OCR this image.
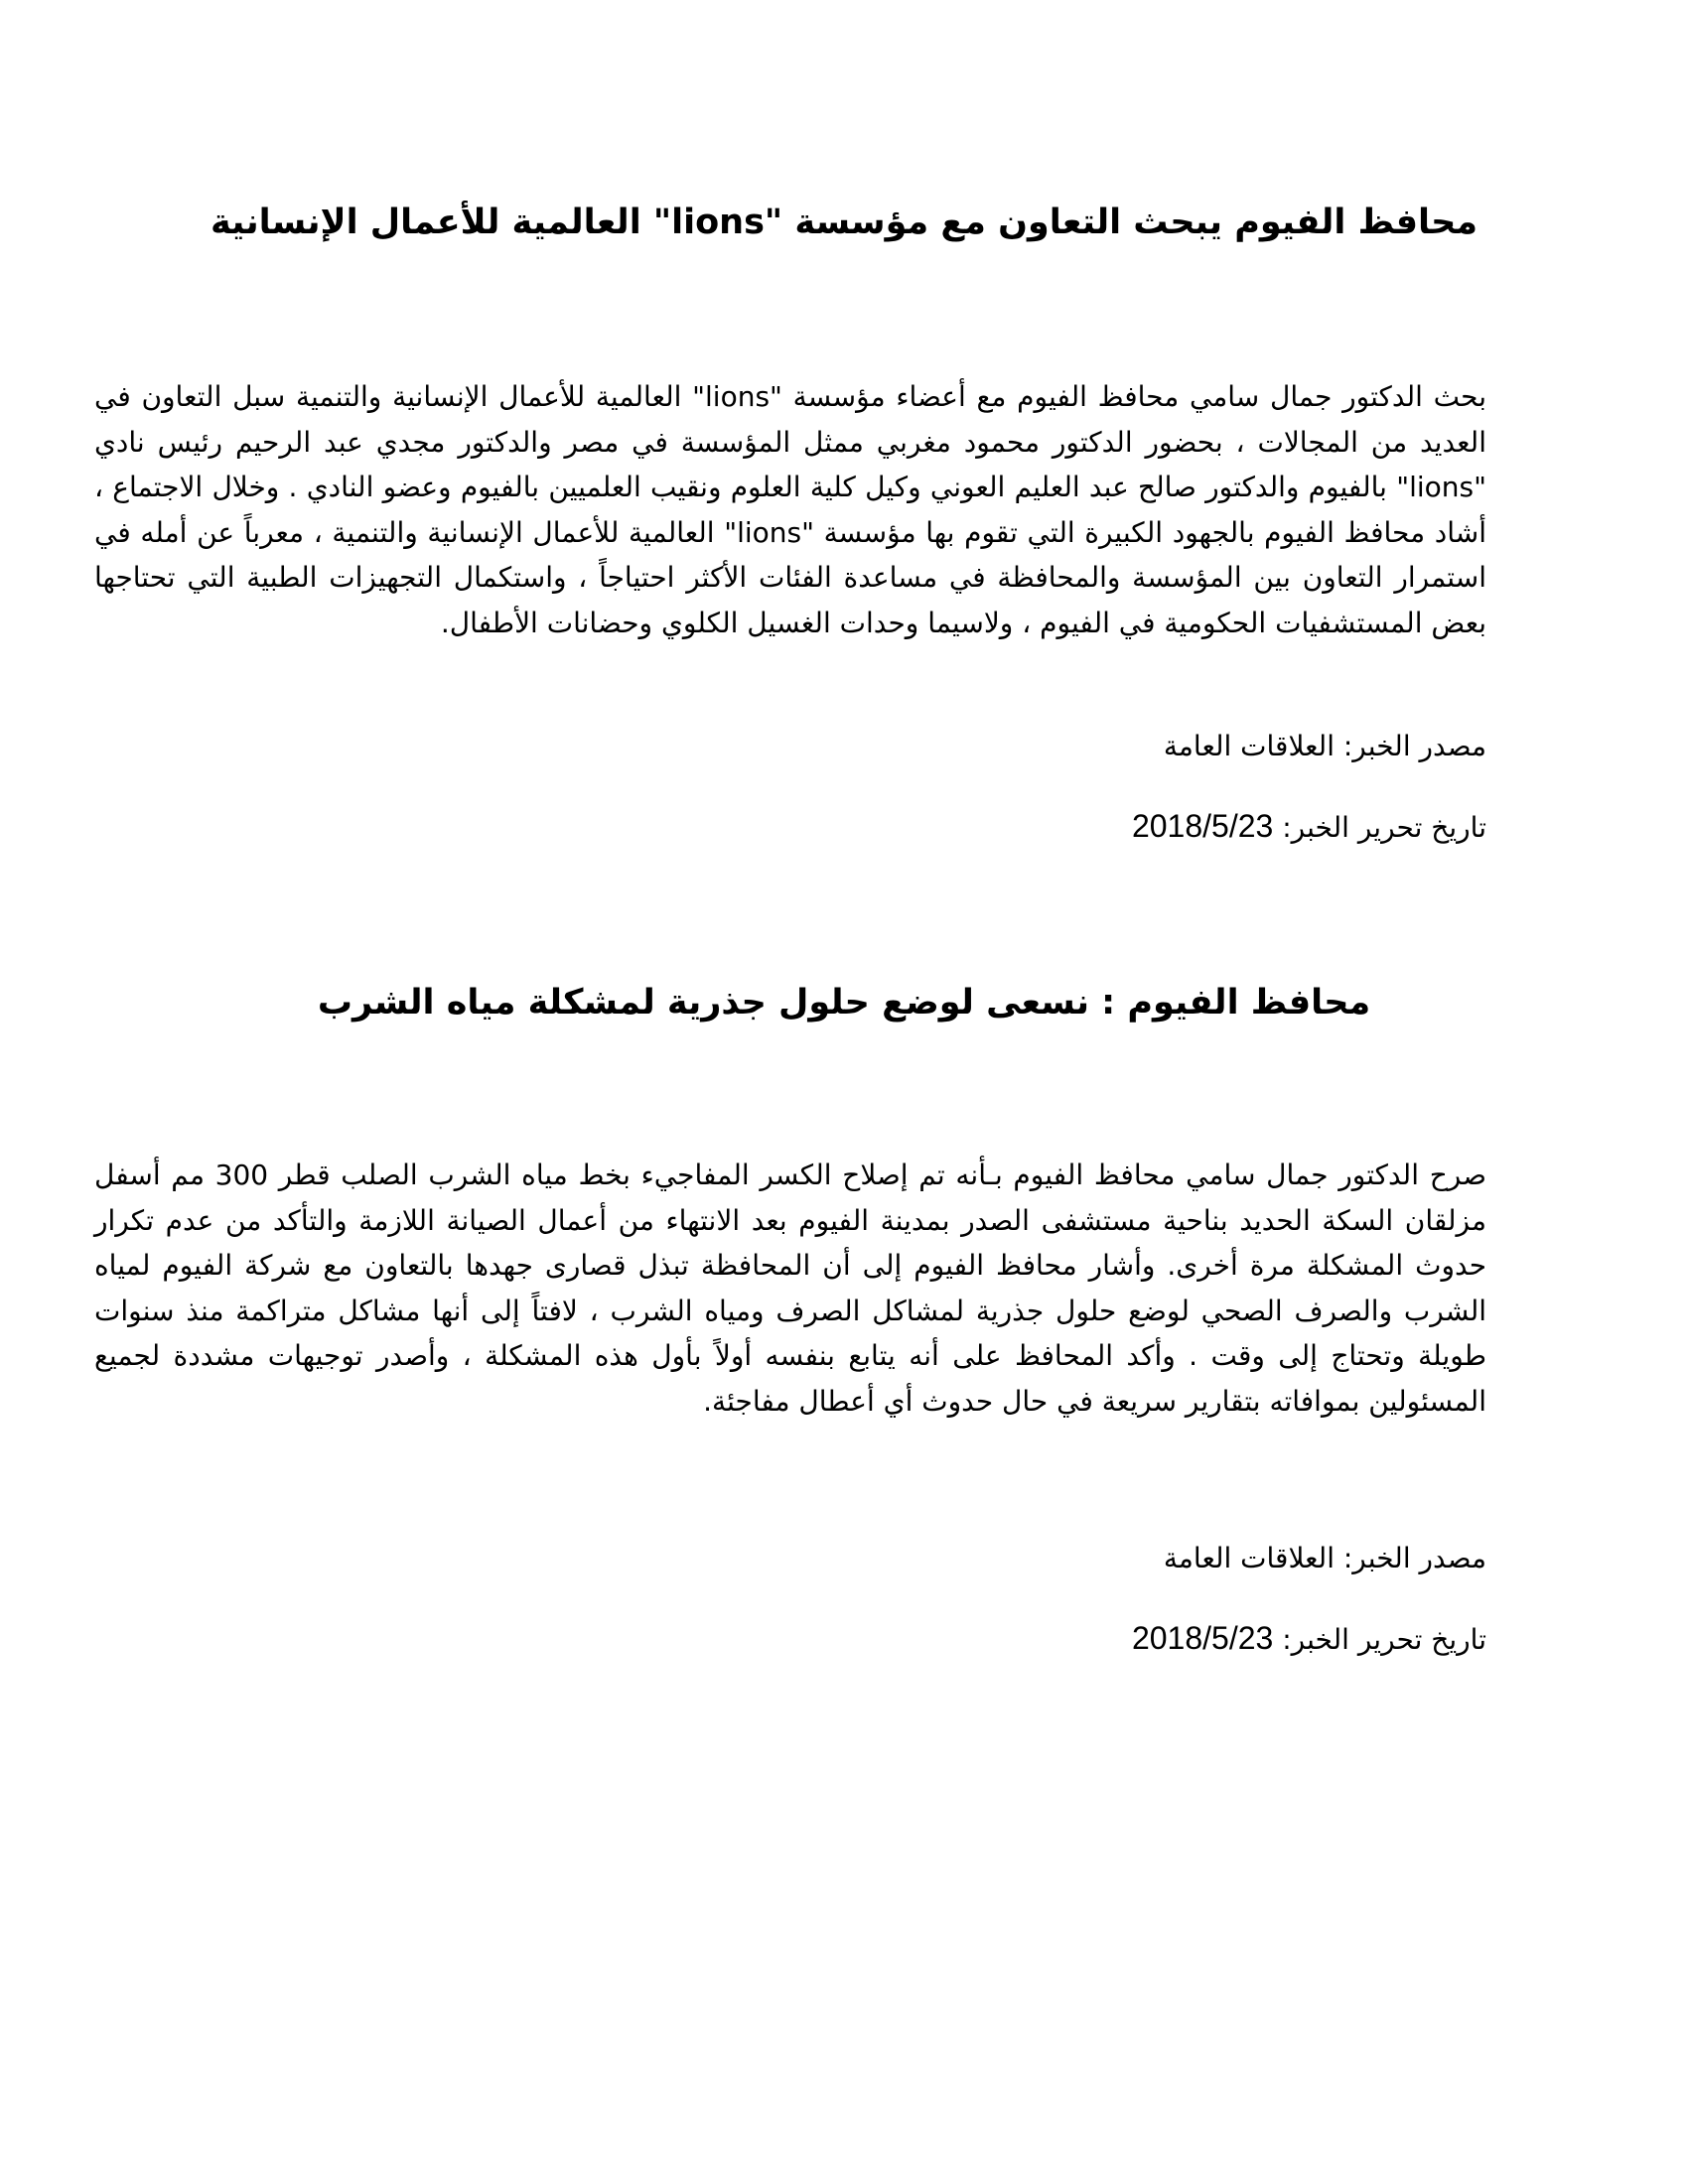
محافظ الفيوم يبحث التعاون مع مؤسسة "lions" العالمية للأعمال الإنسانية

بحث الدكتور جمال سامي محافظ الفيوم مع أعضاء مؤسسة "lions" العالمية للأعمال الإنسانية والتنمية سبل التعاون في العديد من المجالات ، بحضور الدكتور محمود مغربي ممثل المؤسسة في مصر والدكتور مجدي عبد الرحيم رئيس نادي "lions" بالفيوم والدكتور صالح عبد العليم العوني وكيل كلية العلوم ونقيب العلميين بالفيوم وعضو النادي . وخلال الاجتماع ، أشاد محافظ الفيوم بالجهود الكبيرة التي تقوم بها مؤسسة "lions" العالمية للأعمال الإنسانية والتنمية ، معرباً عن أمله في استمرار التعاون بين المؤسسة والمحافظة في مساعدة الفئات الأكثر احتياجاً ، واستكمال التجهيزات الطبية التي تحتاجها بعض المستشفيات الحكومية في الفيوم ، ولاسيما وحدات الغسيل الكلوي وحضانات الأطفال.

مصدر الخبر: العلاقات العامة

تاريخ تحرير الخبر: 2018/5/23

محافظ الفيوم : نسعى لوضع حلول جذرية لمشكلة مياه الشرب

صرح الدكتور جمال سامي محافظ الفيوم بـأنه تم إصلاح الكسر المفاجيء بخط مياه الشرب الصلب قطر 300 مم أسفل مزلقان السكة الحديد بناحية مستشفى الصدر بمدينة الفيوم بعد الانتهاء من أعمال الصيانة اللازمة والتأكد من عدم تكرار حدوث المشكلة مرة أخرى. وأشار محافظ الفيوم إلى أن المحافظة تبذل قصارى جهدها بالتعاون مع شركة الفيوم لمياه الشرب والصرف الصحي لوضع حلول جذرية لمشاكل الصرف ومياه الشرب ، لافتاً إلى أنها مشاكل متراكمة منذ سنوات طويلة وتحتاج إلى وقت . وأكد المحافظ على أنه يتابع بنفسه أولاً بأول هذه المشكلة ، وأصدر توجيهات مشددة لجميع المسئولين بموافاته بتقارير سريعة في حال حدوث أي أعطال مفاجئة.

مصدر الخبر: العلاقات العامة

تاريخ تحرير الخبر: 2018/5/23
